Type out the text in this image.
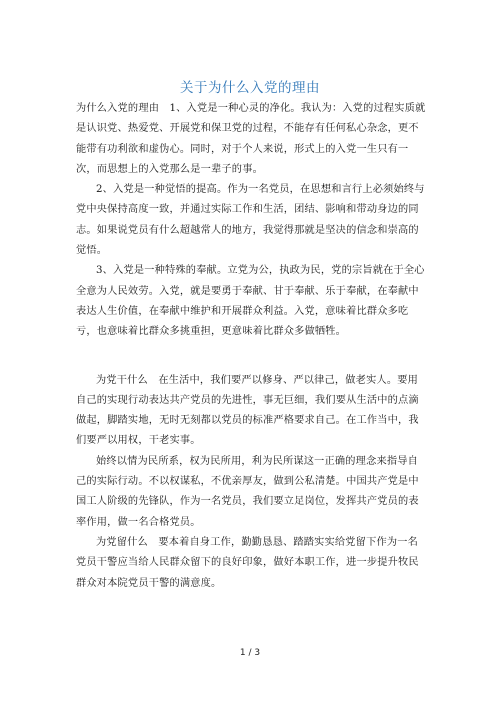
关于为什么入党的理由

为什么入党的理由　1、入党是一种心灵的净化。我认为：入党的过程实质就是认识党、热爱党、开展党和保卫党的过程，不能存有任何私心杂念，更不能带有功利欲和虚伪心。同时，对于个人来说，形式上的入党一生只有一次，而思想上的入党那么是一辈子的事。

2、入党是一种觉悟的提高。作为一名党员，在思想和言行上必须始终与党中央保持高度一致，并通过实际工作和生活，团结、影响和带动身边的同志。如果说党员有什么超越常人的地方，我觉得那就是坚决的信念和崇高的觉悟。

3、入党是一种特殊的奉献。立党为公，执政为民，党的宗旨就在于全心全意为人民效劳。入党，就是要勇于奉献、甘于奉献、乐于奉献，在奉献中表达人生价值，在奉献中维护和开展群众利益。入党，意味着比群众多吃亏，也意味着比群众多挑重担，更意味着比群众多做牺牲。

为党干什么　在生活中，我们要严以修身、严以律己，做老实人。要用自己的实现行动表达共产党员的先进性，事无巨细，我们要从生活中的点滴做起，脚踏实地，无时无刻都以党员的标准严格要求自己。在工作当中，我们要严以用权，干老实事。

始终以情为民所系，权为民所用，利为民所谋这一正确的理念来指导自己的实际行动。不以权谋私，不优亲厚友，做到公私清楚。中国共产党是中国工人阶级的先锋队，作为一名党员，我们要立足岗位，发挥共产党员的表率作用，做一名合格党员。

为党留什么　要本着自身工作，勤勤恳恳、踏踏实实给党留下作为一名党员干警应当给人民群众留下的良好印象，做好本职工作，进一步提升牧民群众对本院党员干警的满意度。

1 / 3
